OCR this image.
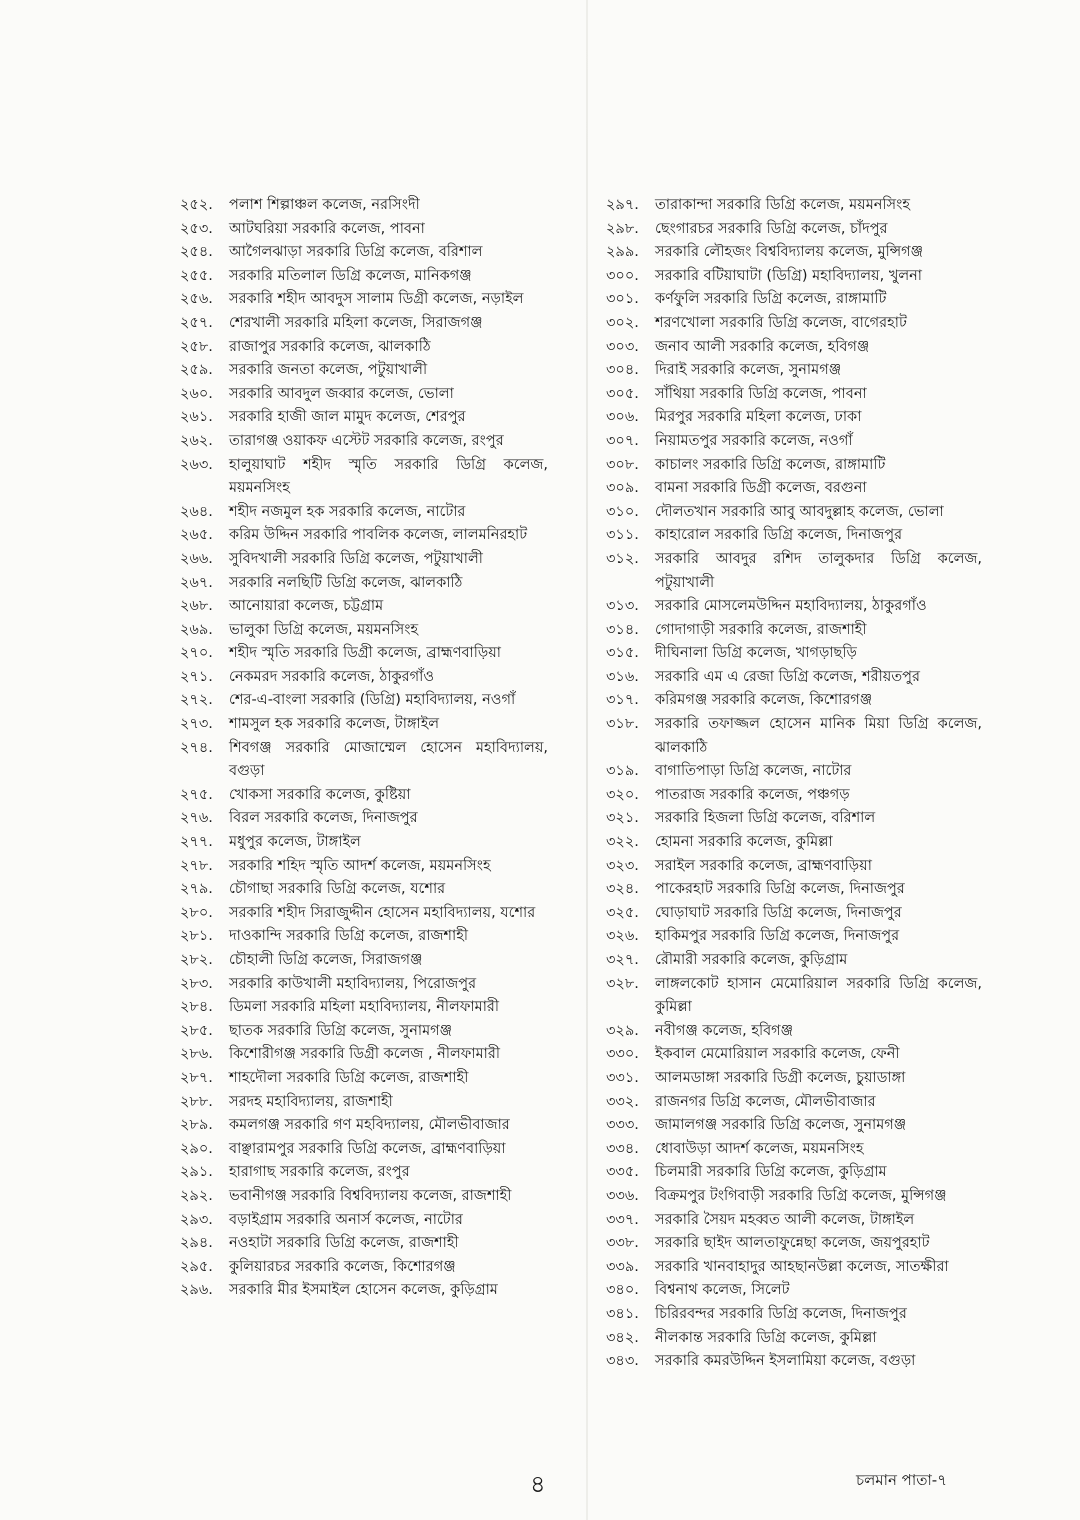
২৫২.	পলাশ শিল্পাঞ্চল কলেজ, নরসিংদী
২৫৩.	আটঘরিয়া সরকারি কলেজ, পাবনা
২৫৪.	আগৈলঝাড়া সরকারি ডিগ্রি কলেজ, বরিশাল
২৫৫.	সরকারি মতিলাল ডিগ্রি কলেজ, মানিকগঞ্জ
২৫৬.	সরকারি শহীদ আবদুস সালাম ডিগ্রী কলেজ, নড়াইল
২৫৭.	শেরখালী সরকারি মহিলা কলেজ, সিরাজগঞ্জ
২৫৮.	রাজাপুর সরকারি কলেজ, ঝালকাঠি
২৫৯.	সরকারি জনতা কলেজ, পটুয়াখালী
২৬০.	সরকারি আবদুল জব্বার কলেজ, ভোলা
২৬১.	সরকারি হাজী জাল মামুদ কলেজ, শেরপুর
২৬২.	তারাগঞ্জ ওয়াকফ এস্টেট সরকারি কলেজ, রংপুর
২৬৩.	হালুয়াঘাট শহীদ স্মৃতি সরকারি ডিগ্রি কলেজ, ময়মনসিংহ
২৬৪.	শহীদ নজমুল হক সরকারি কলেজ, নাটোর
২৬৫.	করিম উদ্দিন সরকারি পাবলিক কলেজ, লালমনিরহাট
২৬৬.	সুবিদখালী সরকারি ডিগ্রি কলেজ, পটুয়াখালী
২৬৭.	সরকারি নলছিটি ডিগ্রি কলেজ, ঝালকাঠি
২৬৮.	আনোয়ারা কলেজ, চট্টগ্রাম
২৬৯.	ভালুকা ডিগ্রি কলেজ, ময়মনসিংহ
২৭০.	শহীদ স্মৃতি সরকারি ডিগ্রী কলেজ, ব্রাহ্মণবাড়িয়া
২৭১.	নেকমরদ সরকারি কলেজ, ঠাকুরগাঁও
২৭২.	শের-এ-বাংলা সরকারি (ডিগ্রি) মহাবিদ্যালয়, নওগাঁ
২৭৩.	শামসুল হক সরকারি কলেজ, টাঙ্গাইল
২৭৪.	শিবগঞ্জ সরকারি মোজাম্মেল হোসেন মহাবিদ্যালয়, বগুড়া
২৭৫.	খোকসা সরকারি কলেজ, কুষ্টিয়া
২৭৬.	বিরল সরকারি কলেজ, দিনাজপুর
২৭৭.	মধুপুর কলেজ, টাঙ্গাইল
২৭৮.	সরকারি শহিদ স্মৃতি আদর্শ কলেজ, ময়মনসিংহ
২৭৯.	চৌগাছা সরকারি ডিগ্রি কলেজ, যশোর
২৮০.	সরকারি শহীদ সিরাজুদ্দীন হোসেন মহাবিদ্যালয়, যশোর
২৮১.	দাওকান্দি সরকারি ডিগ্রি কলেজ, রাজশাহী
২৮২.	চৌহালী ডিগ্রি কলেজ, সিরাজগঞ্জ
২৮৩.	সরকারি কাউখালী মহাবিদ্যালয়, পিরোজপুর
২৮৪.	ডিমলা সরকারি মহিলা মহাবিদ্যালয়, নীলফামারী
২৮৫.	ছাতক সরকারি ডিগ্রি কলেজ, সুনামগঞ্জ
২৮৬.	কিশোরীগঞ্জ সরকারি ডিগ্রী কলেজ , নীলফামারী
২৮৭.	শাহদৌলা সরকারি ডিগ্রি কলেজ, রাজশাহী
২৮৮.	সরদহ মহাবিদ্যালয়, রাজশাহী
২৮৯.	কমলগঞ্জ সরকারি গণ মহবিদ্যালয়, মৌলভীবাজার
২৯০.	বাঞ্ছারামপুর সরকারি ডিগ্রি কলেজ, ব্রাহ্মণবাড়িয়া
২৯১.	হারাগাছ সরকারি কলেজ, রংপুর
২৯২.	ভবানীগঞ্জ সরকারি বিশ্ববিদ্যালয় কলেজ, রাজশাহী
২৯৩.	বড়াইগ্রাম সরকারি অনার্স কলেজ, নাটোর
২৯৪.	নওহাটা সরকারি ডিগ্রি কলেজ, রাজশাহী
২৯৫.	কুলিয়ারচর সরকারি কলেজ, কিশোরগঞ্জ
২৯৬.	সরকারি মীর ইসমাইল হোসেন কলেজ, কুড়িগ্রাম
২৯৭.	তারাকান্দা সরকারি ডিগ্রি কলেজ, ময়মনসিংহ
২৯৮.	ছেংগারচর সরকারি ডিগ্রি কলেজ, চাঁদপুর
২৯৯.	সরকারি লৌহজং বিশ্ববিদ্যালয় কলেজ, মুন্সিগঞ্জ
৩০০.	সরকারি বটিয়াঘাটা (ডিগ্রি) মহাবিদ্যালয়, খুলনা
৩০১.	কর্ণফুলি সরকারি ডিগ্রি কলেজ, রাঙ্গামাটি
৩০২.	শরণখোলা সরকারি ডিগ্রি কলেজ, বাগেরহাট
৩০৩.	জনাব আলী সরকারি কলেজ, হবিগঞ্জ
৩০৪.	দিরাই সরকারি কলেজ, সুনামগঞ্জ
৩০৫.	সাঁথিয়া সরকারি ডিগ্রি কলেজ, পাবনা
৩০৬.	মিরপুর সরকারি মহিলা কলেজ, ঢাকা
৩০৭.	নিয়ামতপুর সরকারি কলেজ, নওগাঁ
৩০৮.	কাচালং সরকারি ডিগ্রি কলেজ, রাঙ্গামাটি
৩০৯.	বামনা সরকারি ডিগ্রী কলেজ, বরগুনা
৩১০.	দৌলতখান সরকারি আবু আবদুল্লাহ কলেজ, ভোলা
৩১১.	কাহারোল সরকারি ডিগ্রি কলেজ, দিনাজপুর
৩১২.	সরকারি আবদুর রশিদ তালুকদার ডিগ্রি কলেজ, পটুয়াখালী
৩১৩.	সরকারি মোসলেমউদ্দিন মহাবিদ্যালয়, ঠাকুরগাঁও
৩১৪.	গোদাগাড়ী সরকারি কলেজ, রাজশাহী
৩১৫.	দীঘিনালা ডিগ্রি কলেজ, খাগড়াছড়ি
৩১৬.	সরকারি এম এ রেজা ডিগ্রি কলেজ, শরীয়তপুর
৩১৭.	করিমগঞ্জ সরকারি কলেজ, কিশোরগঞ্জ
৩১৮.	সরকারি তফাজ্জল হোসেন মানিক মিয়া ডিগ্রি কলেজ, ঝালকাঠি
৩১৯.	বাগাতিপাড়া ডিগ্রি কলেজ, নাটোর
৩২০.	পাতরাজ সরকারি কলেজ, পঞ্চগড়
৩২১.	সরকারি হিজলা ডিগ্রি কলেজ, বরিশাল
৩২২.	হোমনা সরকারি কলেজ, কুমিল্লা
৩২৩.	সরাইল সরকারি কলেজ, ব্রাহ্মণবাড়িয়া
৩২৪.	পাকেরহাট সরকারি ডিগ্রি কলেজ, দিনাজপুর
৩২৫.	ঘোড়াঘাট সরকারি ডিগ্রি কলেজ, দিনাজপুর
৩২৬.	হাকিমপুর সরকারি ডিগ্রি কলেজ, দিনাজপুর
৩২৭.	রৌমারী সরকারি কলেজ, কুড়িগ্রাম
৩২৮.	লাঙ্গলকোট হাসান মেমোরিয়াল সরকারি ডিগ্রি কলেজ, কুমিল্লা
৩২৯.	নবীগঞ্জ কলেজ, হবিগঞ্জ
৩৩০.	ইকবাল মেমোরিয়াল সরকারি কলেজ, ফেনী
৩৩১.	আলমডাঙ্গা সরকারি ডিগ্রী কলেজ, চুয়াডাঙ্গা
৩৩২.	রাজনগর ডিগ্রি কলেজ, মৌলভীবাজার
৩৩৩.	জামালগঞ্জ সরকারি ডিগ্রি কলেজ, সুনামগঞ্জ
৩৩৪.	ধোবাউড়া আদর্শ কলেজ, ময়মনসিংহ
৩৩৫.	চিলমারী সরকারি ডিগ্রি কলেজ, কুড়িগ্রাম
৩৩৬.	বিক্রমপুর টংগিবাড়ী সরকারি ডিগ্রি কলেজ, মুন্সিগঞ্জ
৩৩৭.	সরকারি সৈয়দ মহব্বত আলী কলেজ, টাঙ্গাইল
৩৩৮.	সরকারি ছাইদ আলতাফুন্নেছা কলেজ, জয়পুরহাট
৩৩৯.	সরকারি খানবাহাদুর আহছানউল্লা কলেজ, সাতক্ষীরা
৩৪০.	বিশ্বনাথ কলেজ, সিলেট
৩৪১.	চিরিরবন্দর সরকারি ডিগ্রি কলেজ, দিনাজপুর
৩৪২.	নীলকান্ত সরকারি ডিগ্রি কলেজ, কুমিল্লা
৩৪৩.	সরকারি কমরউদ্দিন ইসলামিয়া কলেজ, বগুড়া
৪	চলমান পাতা-৭
